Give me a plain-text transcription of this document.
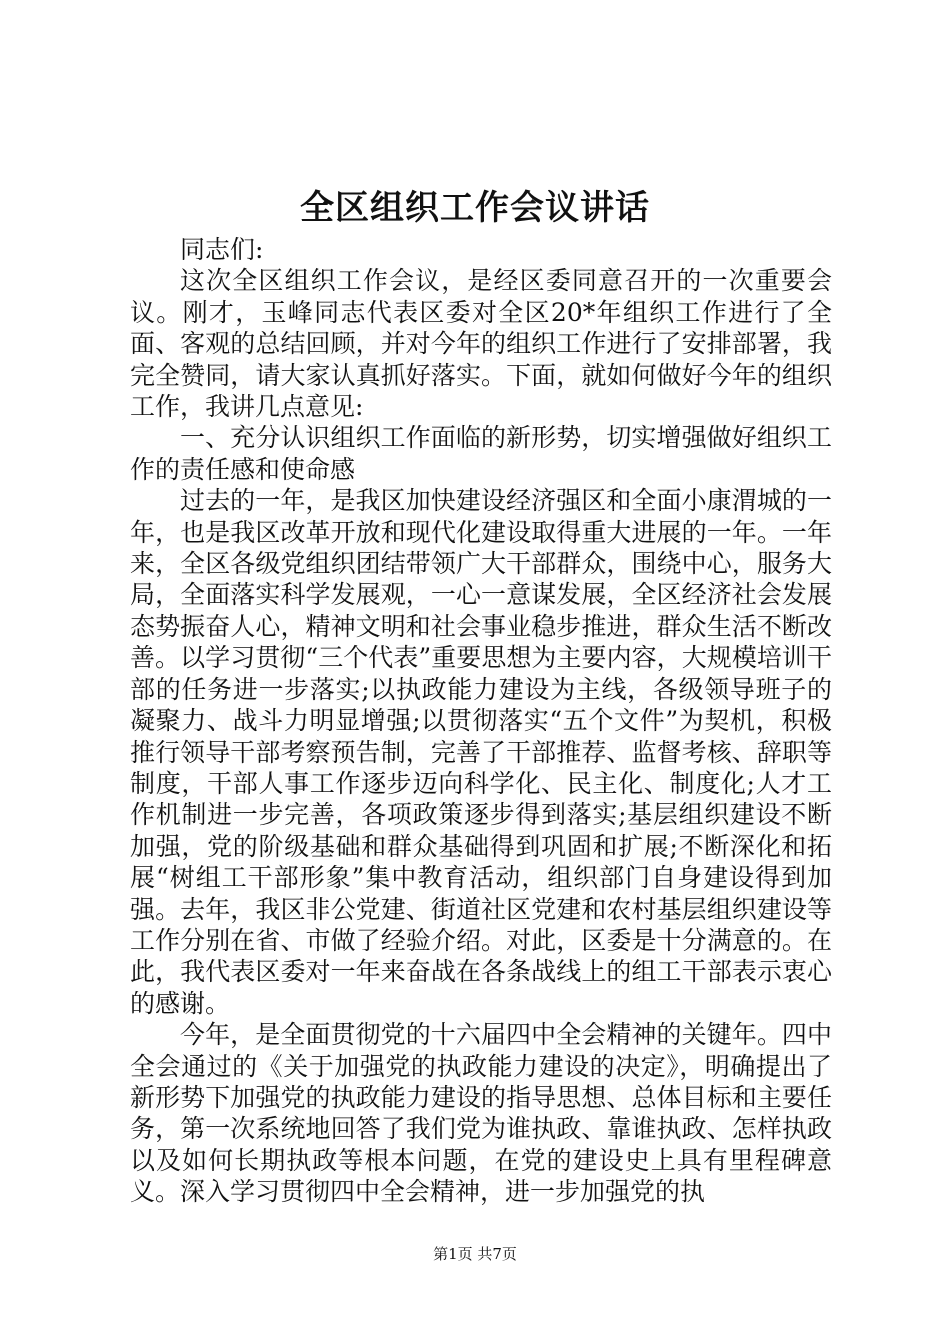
全区组织工作会议讲话

同志们:

这次全区组织工作会议，是经区委同意召开的一次重要会议。刚才，玉峰同志代表区委对全区20*年组织工作进行了全面、客观的总结回顾，并对今年的组织工作进行了安排部署，我完全赞同，请大家认真抓好落实。下面，就如何做好今年的组织工作，我讲几点意见:

一、充分认识组织工作面临的新形势，切实增强做好组织工作的责任感和使命感

过去的一年，是我区加快建设经济强区和全面小康渭城的一年，也是我区改革开放和现代化建设取得重大进展的一年。一年来，全区各级党组织团结带领广大干部群众，围绕中心，服务大局，全面落实科学发展观，一心一意谋发展，全区经济社会发展态势振奋人心，精神文明和社会事业稳步推进，群众生活不断改善。以学习贯彻“三个代表”重要思想为主要内容，大规模培训干部的任务进一步落实;以执政能力建设为主线，各级领导班子的凝聚力、战斗力明显增强;以贯彻落实“五个文件”为契机，积极推行领导干部考察预告制，完善了干部推荐、监督考核、辞职等制度，干部人事工作逐步迈向科学化、民主化、制度化;人才工作机制进一步完善，各项政策逐步得到落实;基层组织建设不断加强，党的阶级基础和群众基础得到巩固和扩展;不断深化和拓展“树组工干部形象”集中教育活动，组织部门自身建设得到加强。去年，我区非公党建、街道社区党建和农村基层组织建设等工作分别在省、市做了经验介绍。对此，区委是十分满意的。在此，我代表区委对一年来奋战在各条战线上的组工干部表示衷心的感谢。

今年，是全面贯彻党的十六届四中全会精神的关键年。四中全会通过的《关于加强党的执政能力建设的决定》，明确提出了新形势下加强党的执政能力建设的指导思想、总体目标和主要任务，第一次系统地回答了我们党为谁执政、靠谁执政、怎样执政以及如何长期执政等根本问题，在党的建设史上具有里程碑意义。深入学习贯彻四中全会精神，进一步加强党的执

第1页 共7页
